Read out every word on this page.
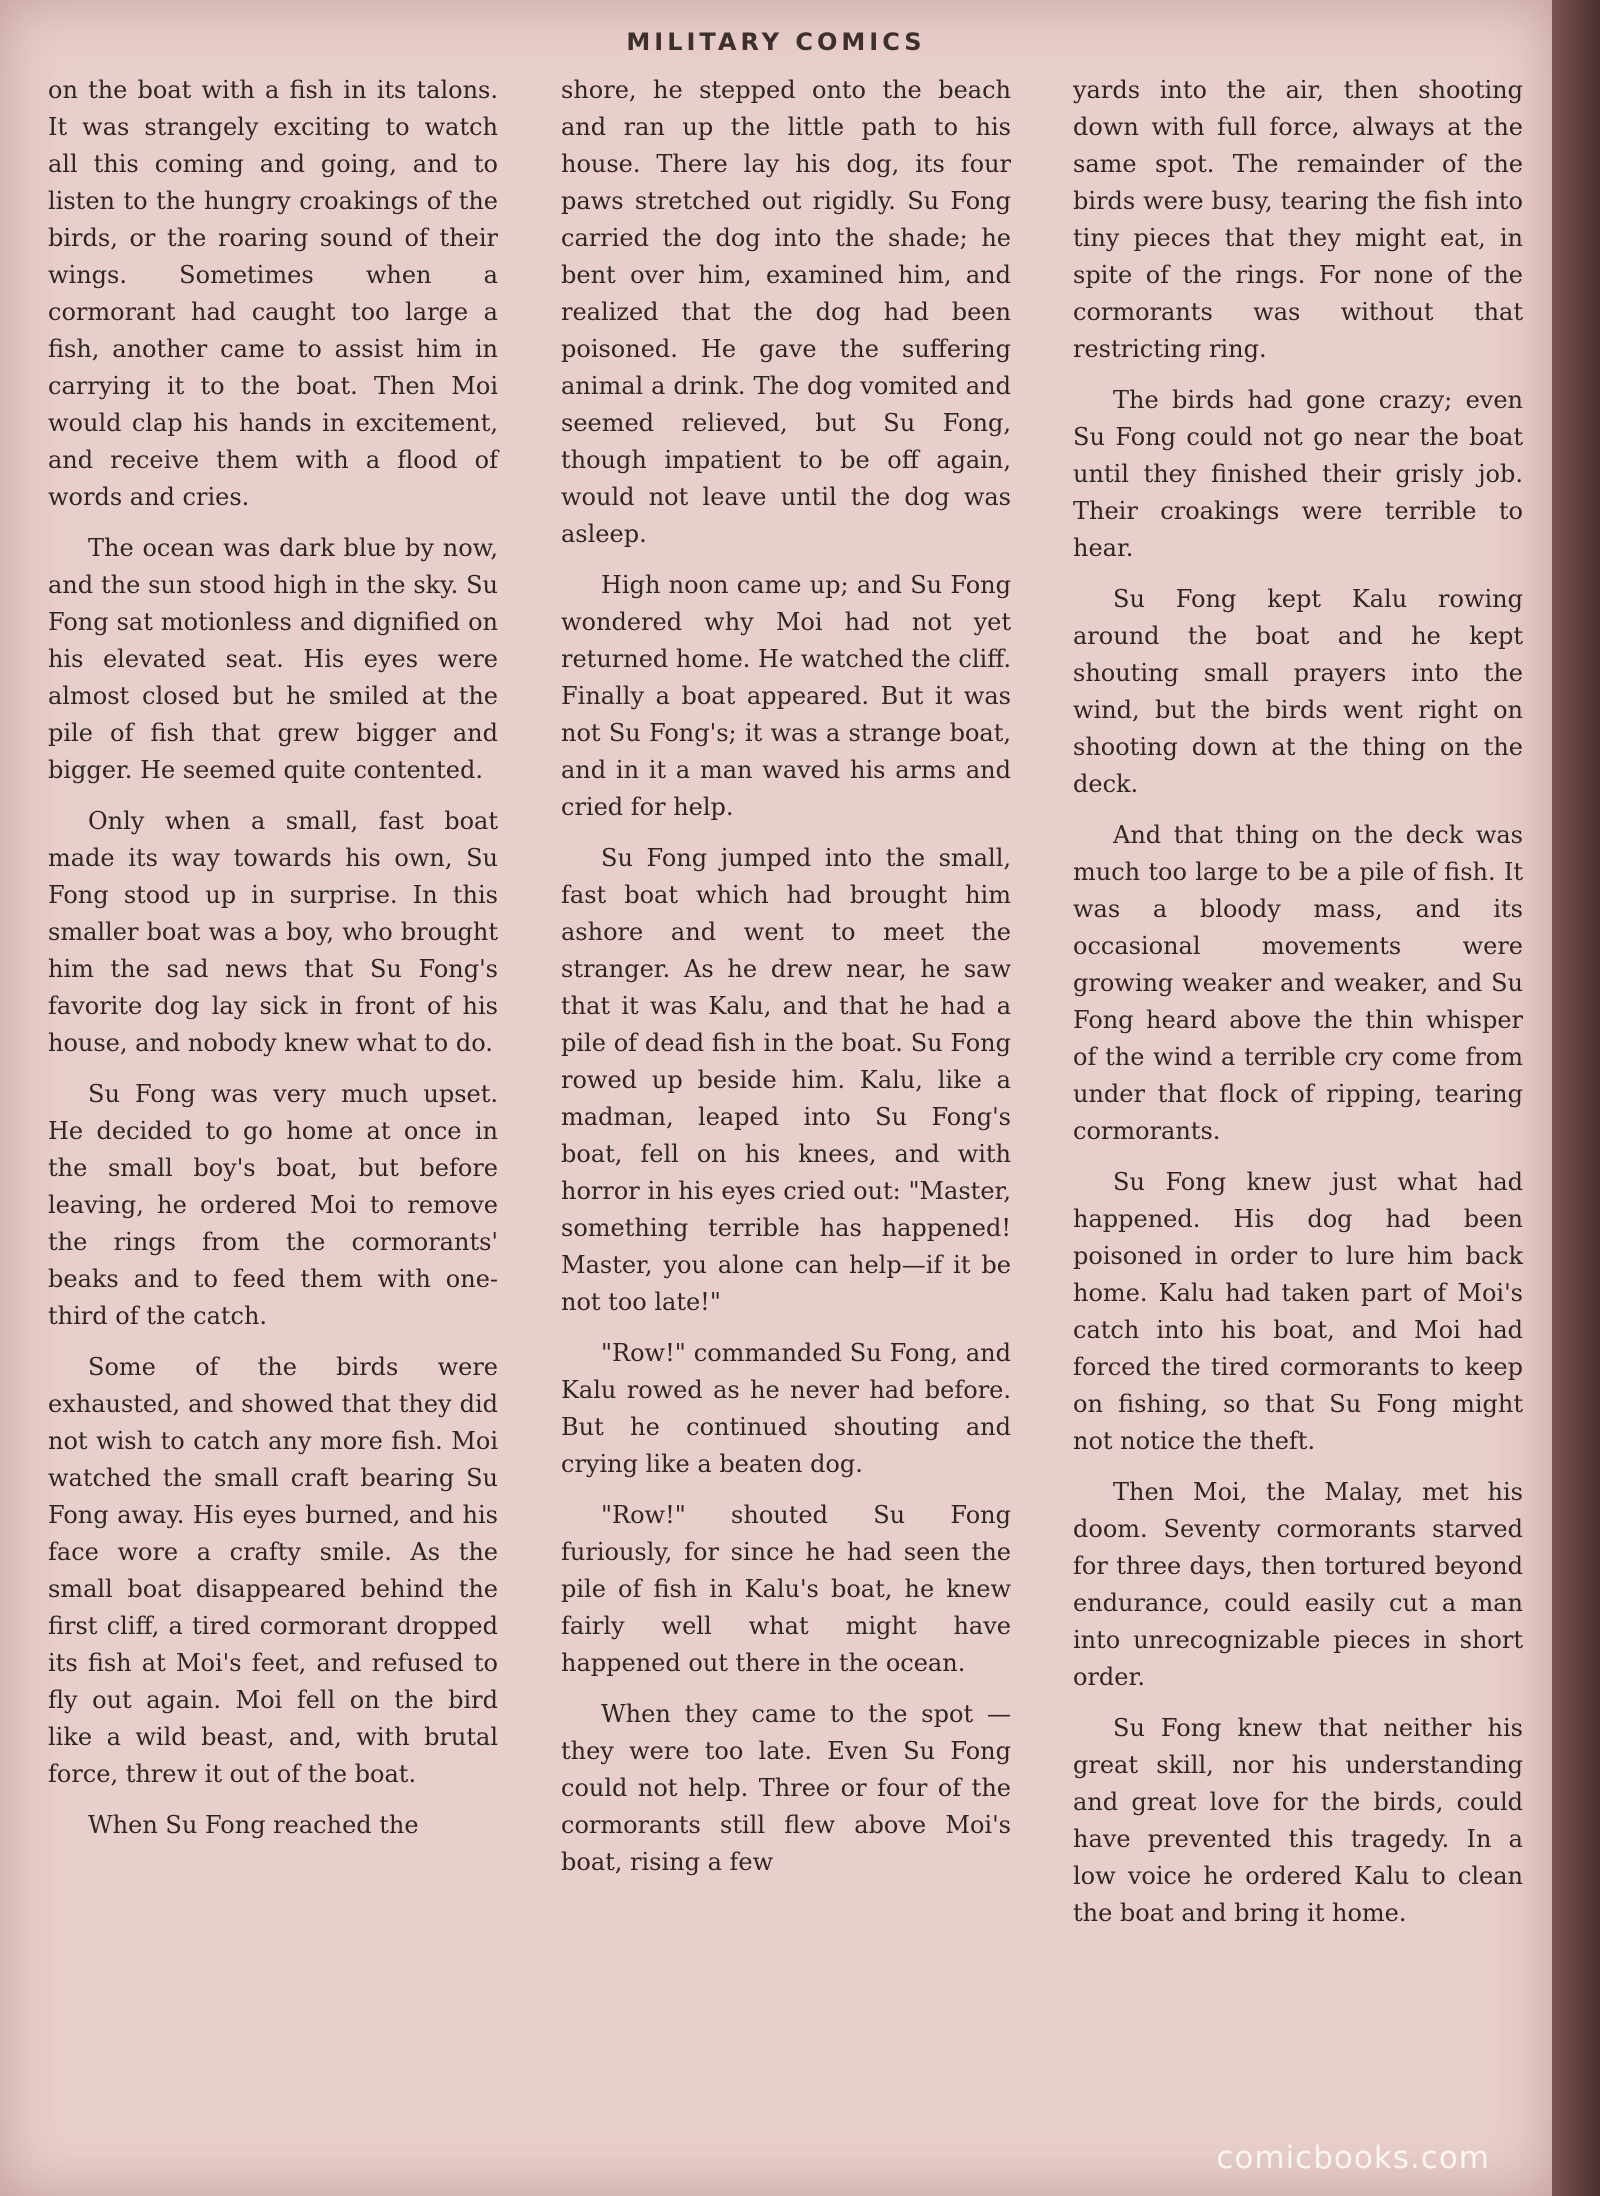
MILITARY COMICS

on the boat with a fish in its talons. It was strangely exciting to watch all this coming and going, and to listen to the hungry croakings of the birds, or the roaring sound of their wings. Sometimes when a cormorant had caught too large a fish, another came to assist him in carrying it to the boat. Then Moi would clap his hands in excitement, and receive them with a flood of words and cries.

The ocean was dark blue by now, and the sun stood high in the sky. Su Fong sat motionless and dignified on his elevated seat. His eyes were almost closed but he smiled at the pile of fish that grew bigger and bigger. He seemed quite contented.

Only when a small, fast boat made its way towards his own, Su Fong stood up in surprise. In this smaller boat was a boy, who brought him the sad news that Su Fong's favorite dog lay sick in front of his house, and nobody knew what to do.

Su Fong was very much upset. He decided to go home at once in the small boy's boat, but before leaving, he ordered Moi to remove the rings from the cormorants' beaks and to feed them with one-third of the catch.

Some of the birds were exhausted, and showed that they did not wish to catch any more fish. Moi watched the small craft bearing Su Fong away. His eyes burned, and his face wore a crafty smile. As the small boat disappeared behind the first cliff, a tired cormorant dropped its fish at Moi's feet, and refused to fly out again. Moi fell on the bird like a wild beast, and, with brutal force, threw it out of the boat.

When Su Fong reached the

shore, he stepped onto the beach and ran up the little path to his house. There lay his dog, its four paws stretched out rigidly. Su Fong carried the dog into the shade; he bent over him, examined him, and realized that the dog had been poisoned. He gave the suffering animal a drink. The dog vomited and seemed relieved, but Su Fong, though impatient to be off again, would not leave until the dog was asleep.

High noon came up; and Su Fong wondered why Moi had not yet returned home. He watched the cliff. Finally a boat appeared. But it was not Su Fong's; it was a strange boat, and in it a man waved his arms and cried for help.

Su Fong jumped into the small, fast boat which had brought him ashore and went to meet the stranger. As he drew near, he saw that it was Kalu, and that he had a pile of dead fish in the boat. Su Fong rowed up beside him. Kalu, like a madman, leaped into Su Fong's boat, fell on his knees, and with horror in his eyes cried out: "Master, something terrible has happened! Master, you alone can help—if it be not too late!"

"Row!" commanded Su Fong, and Kalu rowed as he never had before. But he continued shouting and crying like a beaten dog.

"Row!" shouted Su Fong furiously, for since he had seen the pile of fish in Kalu's boat, he knew fairly well what might have happened out there in the ocean.

When they came to the spot —they were too late. Even Su Fong could not help. Three or four of the cormorants still flew above Moi's boat, rising a few

yards into the air, then shooting down with full force, always at the same spot. The remainder of the birds were busy, tearing the fish into tiny pieces that they might eat, in spite of the rings. For none of the cormorants was without that restricting ring.

The birds had gone crazy; even Su Fong could not go near the boat until they finished their grisly job. Their croakings were terrible to hear.

Su Fong kept Kalu rowing around the boat and he kept shouting small prayers into the wind, but the birds went right on shooting down at the thing on the deck.

And that thing on the deck was much too large to be a pile of fish. It was a bloody mass, and its occasional movements were growing weaker and weaker, and Su Fong heard above the thin whisper of the wind a terrible cry come from under that flock of ripping, tearing cormorants.

Su Fong knew just what had happened. His dog had been poisoned in order to lure him back home. Kalu had taken part of Moi's catch into his boat, and Moi had forced the tired cormorants to keep on fishing, so that Su Fong might not notice the theft.

Then Moi, the Malay, met his doom. Seventy cormorants starved for three days, then tortured beyond endurance, could easily cut a man into unrecognizable pieces in short order.

Su Fong knew that neither his great skill, nor his understanding and great love for the birds, could have prevented this tragedy. In a low voice he ordered Kalu to clean the boat and bring it home.

comicbooks.com
